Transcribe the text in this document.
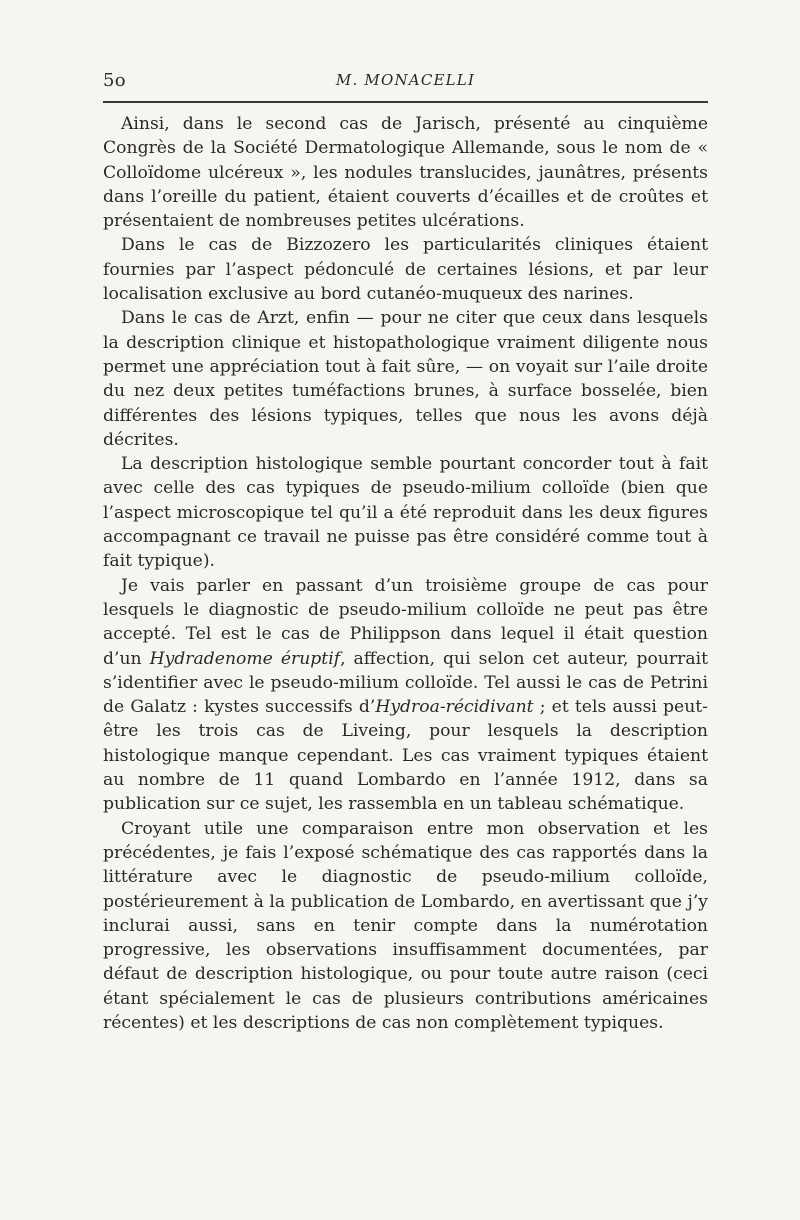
5o	M. MONACELLI

Ainsi, dans le second cas de Jarisch, présenté au cinquième Congrès de la Société Dermatologique Allemande, sous le nom de « Colloïdome ulcéreux », les nodules translucides, jaunâtres, présents dans l’oreille du patient, étaient couverts d’écailles et de croûtes et présentaient de nombreuses petites ulcérations.

Dans le cas de Bizzozero les particularités cliniques étaient fournies par l’aspect pédonculé de certaines lésions, et par leur localisation exclusive au bord cutanéo-muqueux des narines.

Dans le cas de Arzt, enfin — pour ne citer que ceux dans lesquels la description clinique et histopathologique vraiment diligente nous permet une appréciation tout à fait sûre, — on voyait sur l’aile droite du nez deux petites tuméfactions brunes, à surface bosselée, bien différentes des lésions typiques, telles que nous les avons déjà décrites.

La description histologique semble pourtant concorder tout à fait avec celle des cas typiques de pseudo-milium colloïde (bien que l’aspect microscopique tel qu’il a été reproduit dans les deux figures accompagnant ce travail ne puisse pas être considéré comme tout à fait typique).

Je vais parler en passant d’un troisième groupe de cas pour lesquels le diagnostic de pseudo-milium colloïde ne peut pas être accepté. Tel est le cas de Philippson dans lequel il était question d’un Hydradenome éruptif, affection, qui selon cet auteur, pourrait s’identifier avec le pseudo-milium colloïde. Tel aussi le cas de Petrini de Galatz : kystes successifs d’Hydroa-récidivant ; et tels aussi peut-être les trois cas de Liveing, pour lesquels la description histologique manque cependant. Les cas vraiment typiques étaient au nombre de 11 quand Lombardo en l’année 1912, dans sa publication sur ce sujet, les rassembla en un tableau schématique.

Croyant utile une comparaison entre mon observation et les précédentes, je fais l’exposé schématique des cas rapportés dans la littérature avec le diagnostic de pseudo-milium colloïde, postérieurement à la publication de Lombardo, en avertissant que j’y inclurai aussi, sans en tenir compte dans la numérotation progressive, les observations insuffisamment documentées, par défaut de description histologique, ou pour toute autre raison (ceci étant spécialement le cas de plusieurs contributions américaines récentes) et les descriptions de cas non complètement typiques.
